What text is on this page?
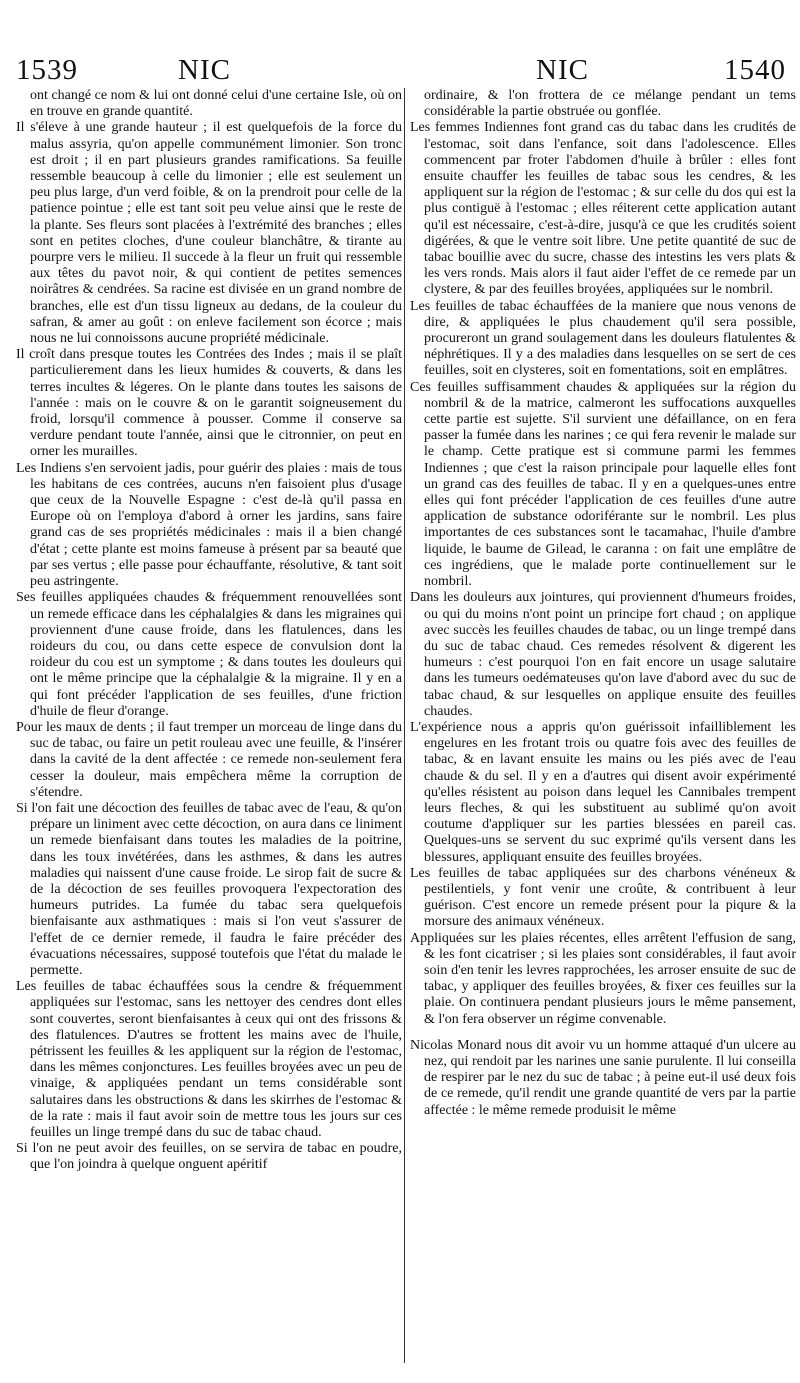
1539	NIC	NIC	1540

ont changé ce nom & lui ont donné celui d'une certaine Isle, où on en trouve en grande quantité.

Il s'éleve à une grande hauteur ; il est quelquefois de la force du malus assyria, qu'on appelle communément limonier. Son tronc est droit ; il en part plusieurs grandes ramifications. Sa feuille ressemble beaucoup à celle du limonier ; elle est seulement un peu plus large, d'un verd foible, & on la prendroit pour celle de la patience pointue ; elle est tant soit peu velue ainsi que le reste de la plante. Ses fleurs sont placées à l'extrémité des branches ; elles sont en petites cloches, d'une couleur blanchâtre, & tirante au pourpre vers le milieu. Il succede à la fleur un fruit qui ressemble aux têtes du pavot noir, & qui contient de petites semences noirâtres & cendrées. Sa racine est divisée en un grand nombre de branches, elle est d'un tissu ligneux au dedans, de la couleur du safran, & amer au goût : on enleve facilement son écorce ; mais nous ne lui connoissons aucune propriété médicinale.

Il croît dans presque toutes les Contrées des Indes ; mais il se plaît particulierement dans les lieux humides & couverts, & dans les terres incultes & légeres. On le plante dans toutes les saisons de l'année : mais on le couvre & on le garantit soigneusement du froid, lorsqu'il commence à pousser. Comme il conserve sa verdure pendant toute l'année, ainsi que le citronnier, on peut en orner les murailles.

Les Indiens s'en servoient jadis, pour guérir des plaies : mais de tous les habitans de ces contrées, aucuns n'en faisoient plus d'usage que ceux de la Nouvelle Espagne : c'est de-là qu'il passa en Europe où on l'employa d'abord à orner les jardins, sans faire grand cas de ses propriétés médicinales : mais il a bien changé d'état ; cette plante est moins fameuse à présent par sa beauté que par ses vertus ; elle passe pour échauffante, résolutive, & tant soit peu astringente.

Ses feuilles appliquées chaudes & fréquemment renouvellées sont un remede efficace dans les céphalalgies & dans les migraines qui proviennent d'une cause froide, dans les flatulences, dans les roideurs du cou, ou dans cette espece de convulsion dont la roideur du cou est un symptome ; & dans toutes les douleurs qui ont le même principe que la céphalalgie & la migraine. Il y en a qui font précéder l'application de ses feuilles, d'une friction d'huile de fleur d'orange.

Pour les maux de dents ; il faut tremper un morceau de linge dans du suc de tabac, ou faire un petit rouleau avec une feuille, & l'insérer dans la cavité de la dent affectée : ce remede non-seulement fera cesser la douleur, mais empêchera même la corruption de s'étendre.

Si l'on fait une décoction des feuilles de tabac avec de l'eau, & qu'on prépare un liniment avec cette décoction, on aura dans ce liniment un remede bienfaisant dans toutes les maladies de la poitrine, dans les toux invétérées, dans les asthmes, & dans les autres maladies qui naissent d'une cause froide. Le sirop fait de sucre & de la décoction de ses feuilles provoquera l'expectoration des humeurs putrides. La fumée du tabac sera quelquefois bienfaisante aux asthmatiques : mais si l'on veut s'assurer de l'effet de ce dernier remede, il faudra le faire précéder des évacuations nécessaires, supposé toutefois que l'état du malade le permette.

Les feuilles de tabac échauffées sous la cendre & fréquemment appliquées sur l'estomac, sans les nettoyer des cendres dont elles sont couvertes, seront bienfaisantes à ceux qui ont des frissons & des flatulences. D'autres se frottent les mains avec de l'huile, pétrissent les feuilles & les appliquent sur la région de l'estomac, dans les mêmes conjonctures. Les feuilles broyées avec un peu de vinaige, & appliquées pendant un tems considérable sont salutaires dans les obstructions & dans les skirrhes de l'estomac & de la rate : mais il faut avoir soin de mettre tous les jours sur ces feuilles un linge trempé dans du suc de tabac chaud.

Si l'on ne peut avoir des feuilles, on se servira de tabac en poudre, que l'on joindra à quelque onguent apéritif

ordinaire, & l'on frottera de ce mélange pendant un tems considérable la partie obstruée ou gonflée.

Les femmes Indiennes font grand cas du tabac dans les crudités de l'estomac, soit dans l'enfance, soit dans l'adolescence. Elles commencent par froter l'abdomen d'huile à brûler : elles font ensuite chauffer les feuilles de tabac sous les cendres, & les appliquent sur la région de l'estomac ; & sur celle du dos qui est la plus contiguë à l'estomac ; elles réiterent cette application autant qu'il est nécessaire, c'est-à-dire, jusqu'à ce que les crudités soient digérées, & que le ventre soit libre. Une petite quantité de suc de tabac bouillie avec du sucre, chasse des intestins les vers plats & les vers ronds. Mais alors il faut aider l'effet de ce remede par un clystere, & par des feuilles broyées, appliquées sur le nombril.

Les feuilles de tabac échauffées de la maniere que nous venons de dire, & appliquées le plus chaudement qu'il sera possible, procureront un grand soulagement dans les douleurs flatulentes & néphrétiques. Il y a des maladies dans lesquelles on se sert de ces feuilles, soit en clysteres, soit en fomentations, soit en emplâtres.

Ces feuilles suffisamment chaudes & appliquées sur la région du nombril & de la matrice, calmeront les suffocations auxquelles cette partie est sujette. S'il survient une défaillance, on en fera passer la fumée dans les narines ; ce qui fera revenir le malade sur le champ. Cette pratique est si commune parmi les femmes Indiennes ; que c'est la raison principale pour laquelle elles font un grand cas des feuilles de tabac. Il y en a quelques-unes entre elles qui font précéder l'application de ces feuilles d'une autre application de substance odoriférante sur le nombril. Les plus importantes de ces substances sont le tacamahac, l'huile d'ambre liquide, le baume de Gilead, le caranna : on fait une emplâtre de ces ingrédiens, que le malade porte continuellement sur le nombril.

Dans les douleurs aux jointures, qui proviennent d'humeurs froides, ou qui du moins n'ont point un principe fort chaud ; on applique avec succès les feuilles chaudes de tabac, ou un linge trempé dans du suc de tabac chaud. Ces remedes résolvent & digerent les humeurs : c'est pourquoi l'on en fait encore un usage salutaire dans les tumeurs oedémateuses qu'on lave d'abord avec du suc de tabac chaud, & sur lesquelles on applique ensuite des feuilles chaudes.

L'expérience nous a appris qu'on guérissoit infailliblement les engelures en les frotant trois ou quatre fois avec des feuilles de tabac, & en lavant ensuite les mains ou les piés avec de l'eau chaude & du sel. Il y en a d'autres qui disent avoir expérimenté qu'elles résistent au poison dans lequel les Cannibales trempent leurs fleches, & qui les substituent au sublimé qu'on avoit coutume d'appliquer sur les parties blessées en pareil cas. Quelques-uns se servent du suc exprimé qu'ils versent dans les blessures, appliquant ensuite des feuilles broyées.

Les feuilles de tabac appliquées sur des charbons vénéneux & pestilentiels, y font venir une croûte, & contribuent à leur guérison. C'est encore un remede présent pour la piqure & la morsure des animaux vénéneux.

Appliquées sur les plaies récentes, elles arrêtent l'effusion de sang, & les font cicatriser ; si les plaies sont considérables, il faut avoir soin d'en tenir les levres rapprochées, les arroser ensuite de suc de tabac, y appliquer des feuilles broyées, & fixer ces feuilles sur la plaie. On continuera pendant plusieurs jours le même pansement, & l'on fera observer un régime convenable.

Nicolas Monard nous dit avoir vu un homme attaqué d'un ulcere au nez, qui rendoit par les narines une sanie purulente. Il lui conseilla de respirer par le nez du suc de tabac ; à peine eut-il usé deux fois de ce remede, qu'il rendit une grande quantité de vers par la partie affectée : le même remede produisit le même
